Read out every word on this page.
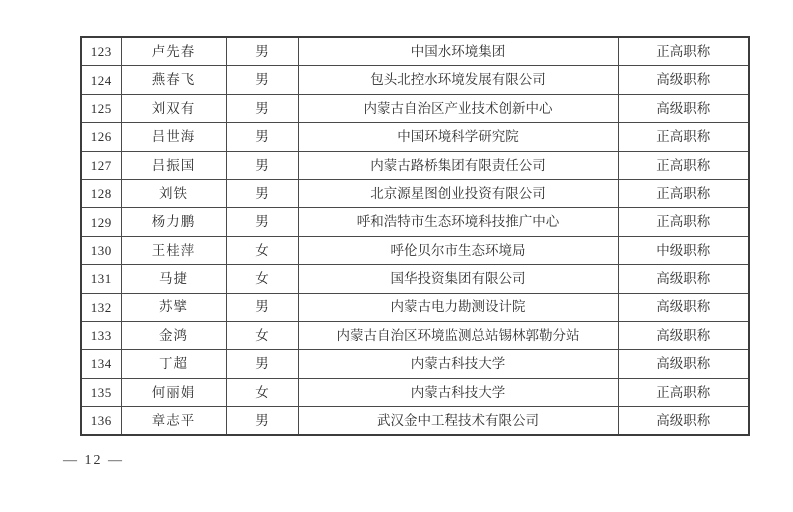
123	卢先春	男	中国水环境集团	正高职称
124	燕春飞	男	包头北控水环境发展有限公司	高级职称
125	刘双有	男	内蒙古自治区产业技术创新中心	高级职称
126	吕世海	男	中国环境科学研究院	正高职称
127	吕振国	男	内蒙古路桥集团有限责任公司	正高职称
128	刘铁	男	北京源星图创业投资有限公司	正高职称
129	杨力鹏	男	呼和浩特市生态环境科技推广中心	正高职称
130	王桂萍	女	呼伦贝尔市生态环境局	中级职称
131	马捷	女	国华投资集团有限公司	高级职称
132	苏擘	男	内蒙古电力勘测设计院	高级职称
133	金鸿	女	内蒙古自治区环境监测总站锡林郭勒分站	高级职称
134	丁超	男	内蒙古科技大学	高级职称
135	何丽娟	女	内蒙古科技大学	正高职称
136	章志平	男	武汉金中工程技术有限公司	高级职称
— 12 —
